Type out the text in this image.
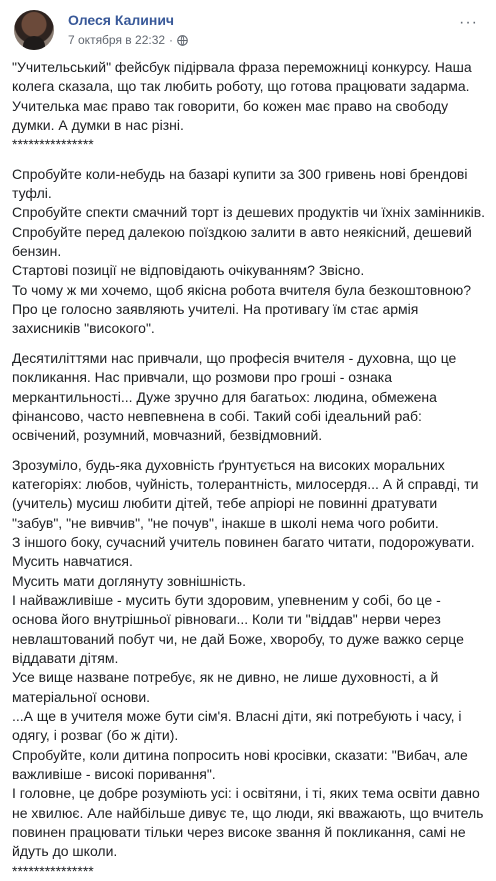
Олеся Калинич
7 октября в 22:32 ·
···
"Учительський" фейсбук підірвала фраза переможниці конкурсу. Наша
колега сказала, що так любить роботу, що готова працювати задарма.
Учителька має право так говорити, бо кожен має право на свободу
думки. А думки в нас різні.
***************
Спробуйте коли-небудь на базарі купити за 300 гривень нові брендові
туфлі.
Спробуйте спекти смачний торт із дешевих продуктів чи їхніх замінників.
Спробуйте перед далекою поїздкою залити в авто неякісний, дешевий
бензин.
Стартові позиції не відповідають очікуванням? Звісно.
То чому ж ми хочемо, щоб якісна робота вчителя була безкоштовною?
Про це голосно заявляють учителі. На противагу їм стає армія
захисників "високого".
Десятиліттями нас привчали, що професія вчителя - духовна, що це
покликання. Нас привчали, що розмови про гроші - ознака
меркантильності... Дуже зручно для багатьох: людина, обмежена
фінансово, часто невпевнена в собі. Такий собі ідеальний раб:
освічений, розумний, мовчазний, безвідмовний.
Зрозуміло, будь-яка духовність ґрунтується на високих моральних
категоріях: любов, чуйність, толерантність, милосердя... А й справді, ти
(учитель) мусиш любити дітей, тебе апріорі не повинні дратувати
"забув", "не вивчив", "не почув", інакше в школі нема чого робити.
З іншого боку, сучасний учитель повинен багато читати, подорожувати.
Мусить навчатися.
Мусить мати доглянуту зовнішність.
І найважливіше - мусить бути здоровим, упевненим у собі, бо це -
основа його внутрішньої рівноваги... Коли ти "віддав" нерви через
невлаштований побут чи, не дай Боже, хворобу, то дуже важко серце
віддавати дітям.
Усе вище назване потребує, як не дивно, не лише духовності, а й
матеріальної основи.
...А ще в учителя може бути сім'я. Власні діти, які потребують і часу, і
одягу, і розваг (бо ж діти).
Спробуйте, коли дитина попросить нові кросівки, сказати: "Вибач, але
важливіше - високі поривання".
І головне, це добре розуміють усі: і освітяни, і ті, яких тема освіти давно
не хвилює. Але найбільше дивує те, що люди, які вважають, що вчитель
повинен працювати тільки через високе звання й покликання, самі не
йдуть до школи.
***************
